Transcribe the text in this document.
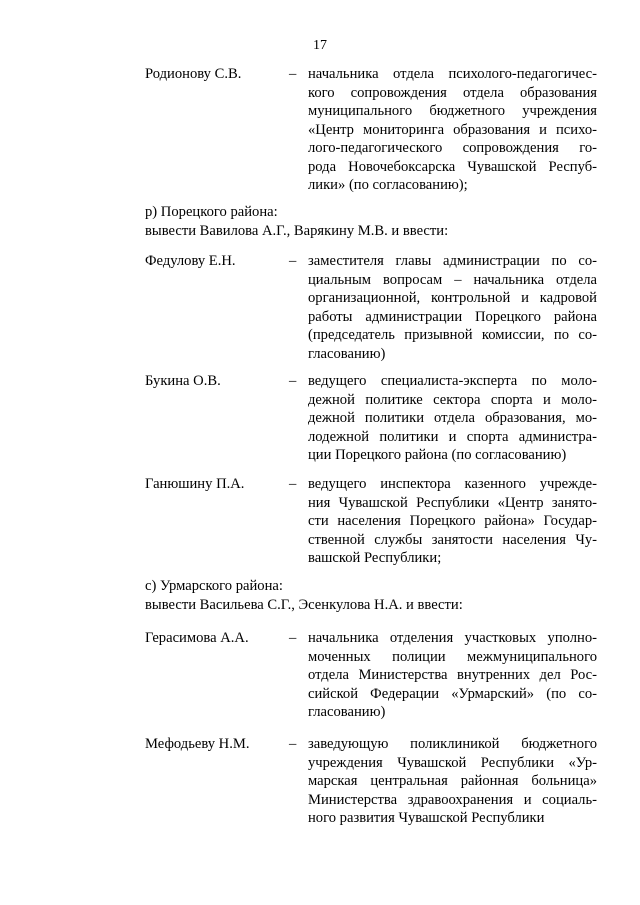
17
Родионову С.В.	– начальника отдела психолого-педагогичес-
кого сопровождения отдела образования
муниципального бюджетного учреждения
«Центр мониторинга образования и психо-
лого-педагогического сопровождения го-
рода Новочебоксарска Чувашской Респуб-
лики» (по согласованию);
р) Порецкого района:
вывести Вавилова А.Г., Варякину М.В. и ввести:
Федулову Е.Н.	– заместителя главы администрации по со-
циальным вопросам – начальника отдела
организационной, контрольной и кадровой
работы администрации Порецкого района
(председатель призывной комиссии, по со-
гласованию)
Букина О.В.	– ведущего специалиста-эксперта по моло-
дежной политике сектора спорта и моло-
дежной политики отдела образования, мо-
лодежной политики и спорта администра-
ции Порецкого района (по согласованию)
Ганюшину П.А.	– ведущего инспектора казенного учрежде-
ния Чувашской Республики «Центр занято-
сти населения Порецкого района» Государ-
ственной службы занятости населения Чу-
вашской Республики;
с) Урмарского района:
вывести Васильева С.Г., Эсенкулова Н.А. и ввести:
Герасимова А.А.	– начальника отделения участковых уполно-
моченных полиции межмуниципального
отдела Министерства внутренних дел Рос-
сийской Федерации «Урмарский» (по со-
гласованию)
Мефодьеву Н.М.	– заведующую поликлиникой бюджетного
учреждения Чувашской Республики «Ур-
марская центральная районная больница»
Министерства здравоохранения и социаль-
ного развития Чувашской Республики
